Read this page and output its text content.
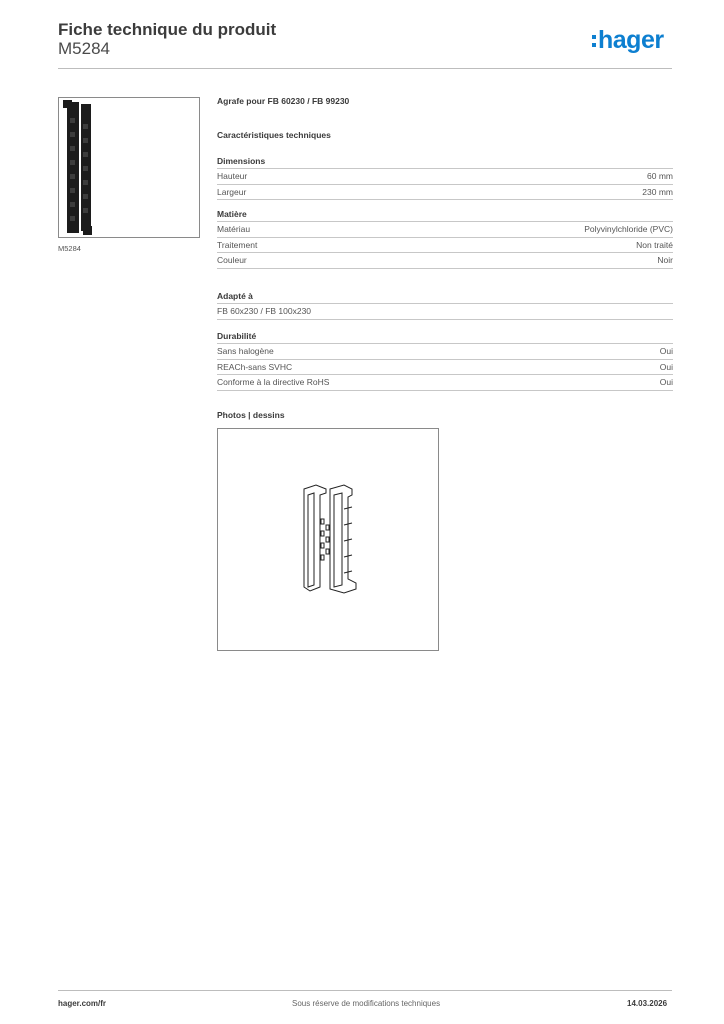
Fiche technique du produit
M5284	hager
M5284
Agrafe pour FB 60230 / FB 99230
Caractéristiques techniques
Dimensions
Hauteur	60 mm
Largeur	230 mm
Matière
Matériau	Polyvinylchloride (PVC)
Traitement	Non traité
Couleur	Noir
Adapté à
FB 60x230 / FB 100x230
Durabilité
Sans halogène	Oui
REACh-sans SVHC	Oui
Conforme à la directive RoHS	Oui
Photos | dessins
hager.com/fr	Sous réserve de modifications techniques	14.03.2026
